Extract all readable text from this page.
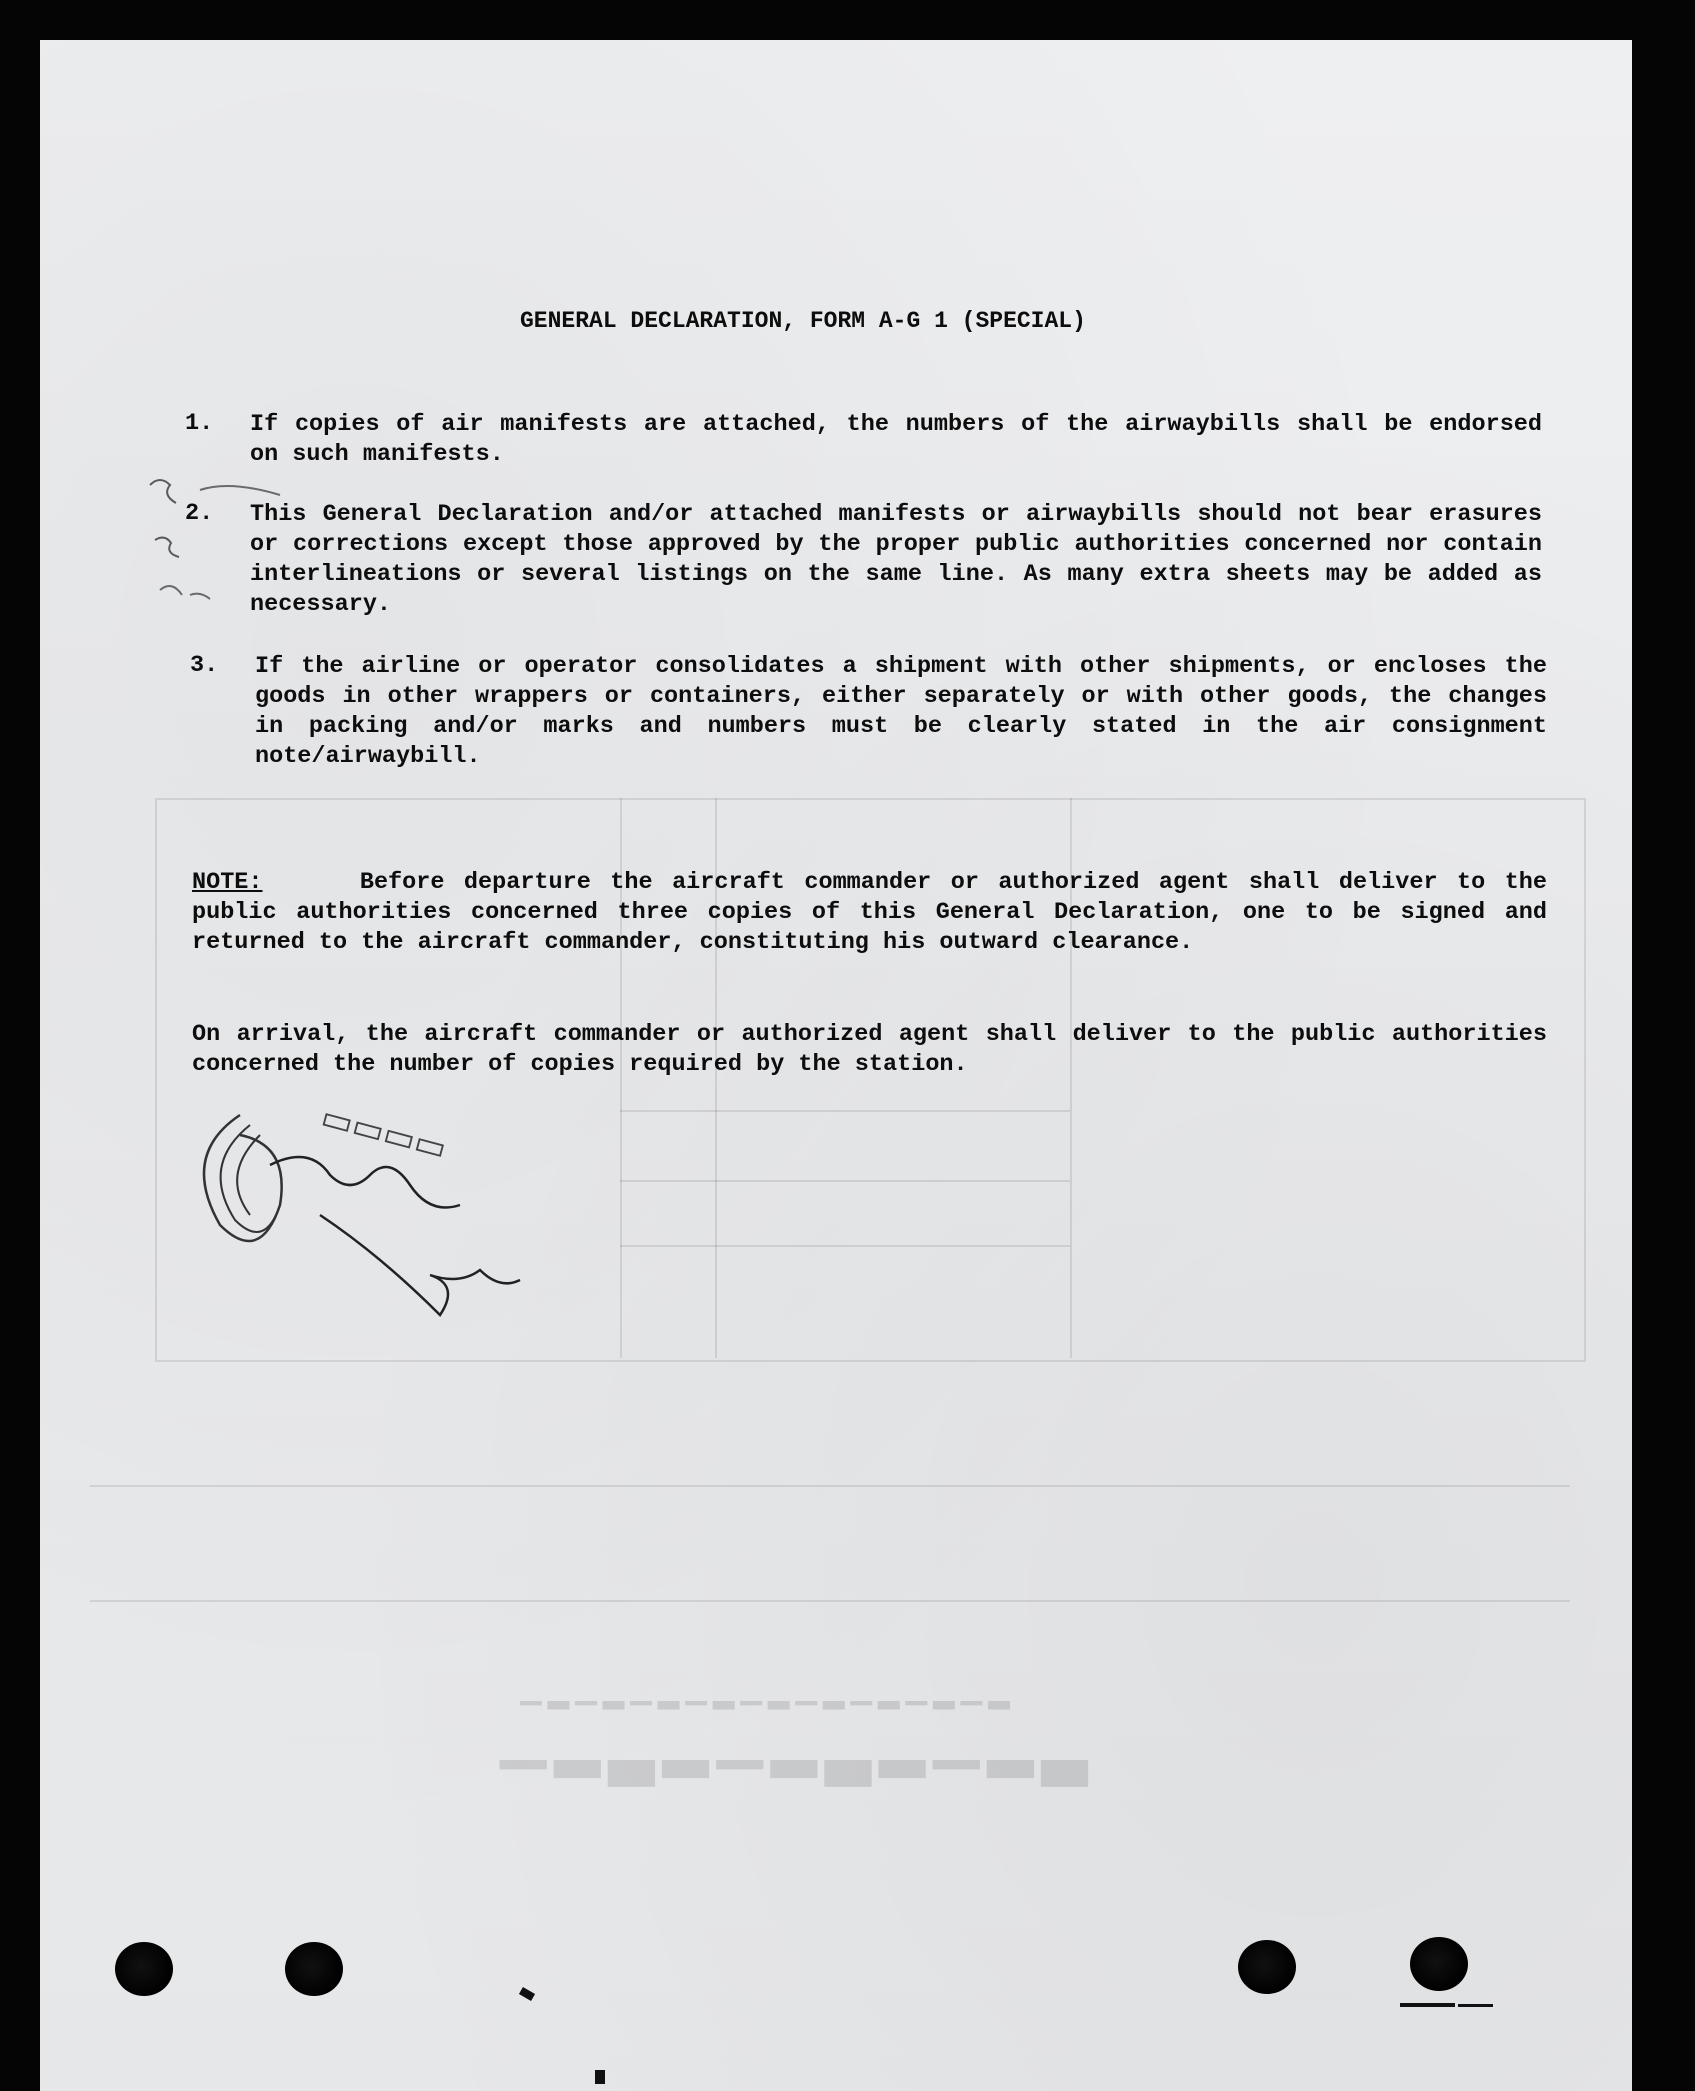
▁▂▃▂▁▂▃▂▁▂▃
▁▂▁▂▁▂▁▂▁▂▁▂▁▂▁▂▁▂
GENERAL DECLARATION, FORM A-G 1 (SPECIAL)
1. If copies of air manifests are attached, the numbers of the airwaybills shall be endorsed on such manifests.
2. This General Declaration and/or attached manifests or airwaybills should not bear erasures or corrections except those approved by the proper public authorities concerned nor contain interlineations or several listings on the same line. As many extra sheets may be added as necessary.
3. If the airline or operator consolidates a shipment with other shipments, or encloses the goods in other wrappers or containers, either separately or with other goods, the changes in packing and/or marks and numbers must be clearly stated in the air consignment note/airwaybill.
NOTE:	Before departure the aircraft commander or authorized agent shall deliver to the public authorities concerned three copies of this General Declaration, one to be signed and returned to the aircraft commander, constituting his outward clearance.
On arrival, the aircraft commander or authorized agent shall deliver to the public authorities concerned the number of copies required by the station.
▭▭▭▭
